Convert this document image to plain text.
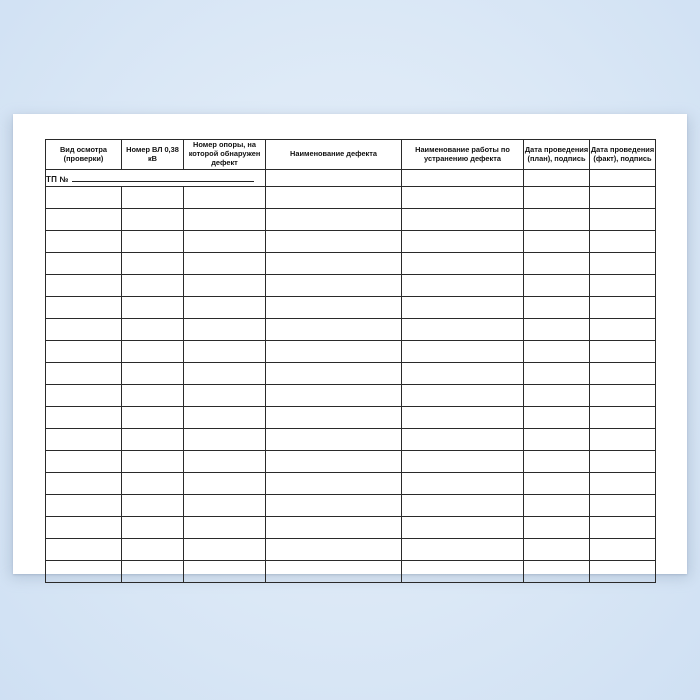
Вид осмотра (проверки)	Номер ВЛ 0,38 кВ	Номер опоры, на которой обнаружен дефект	Наименование дефекта	Наименование работы по устранению дефекта	Дата проведения (план), подпись	Дата проведения (факт), подпись

ТП №
